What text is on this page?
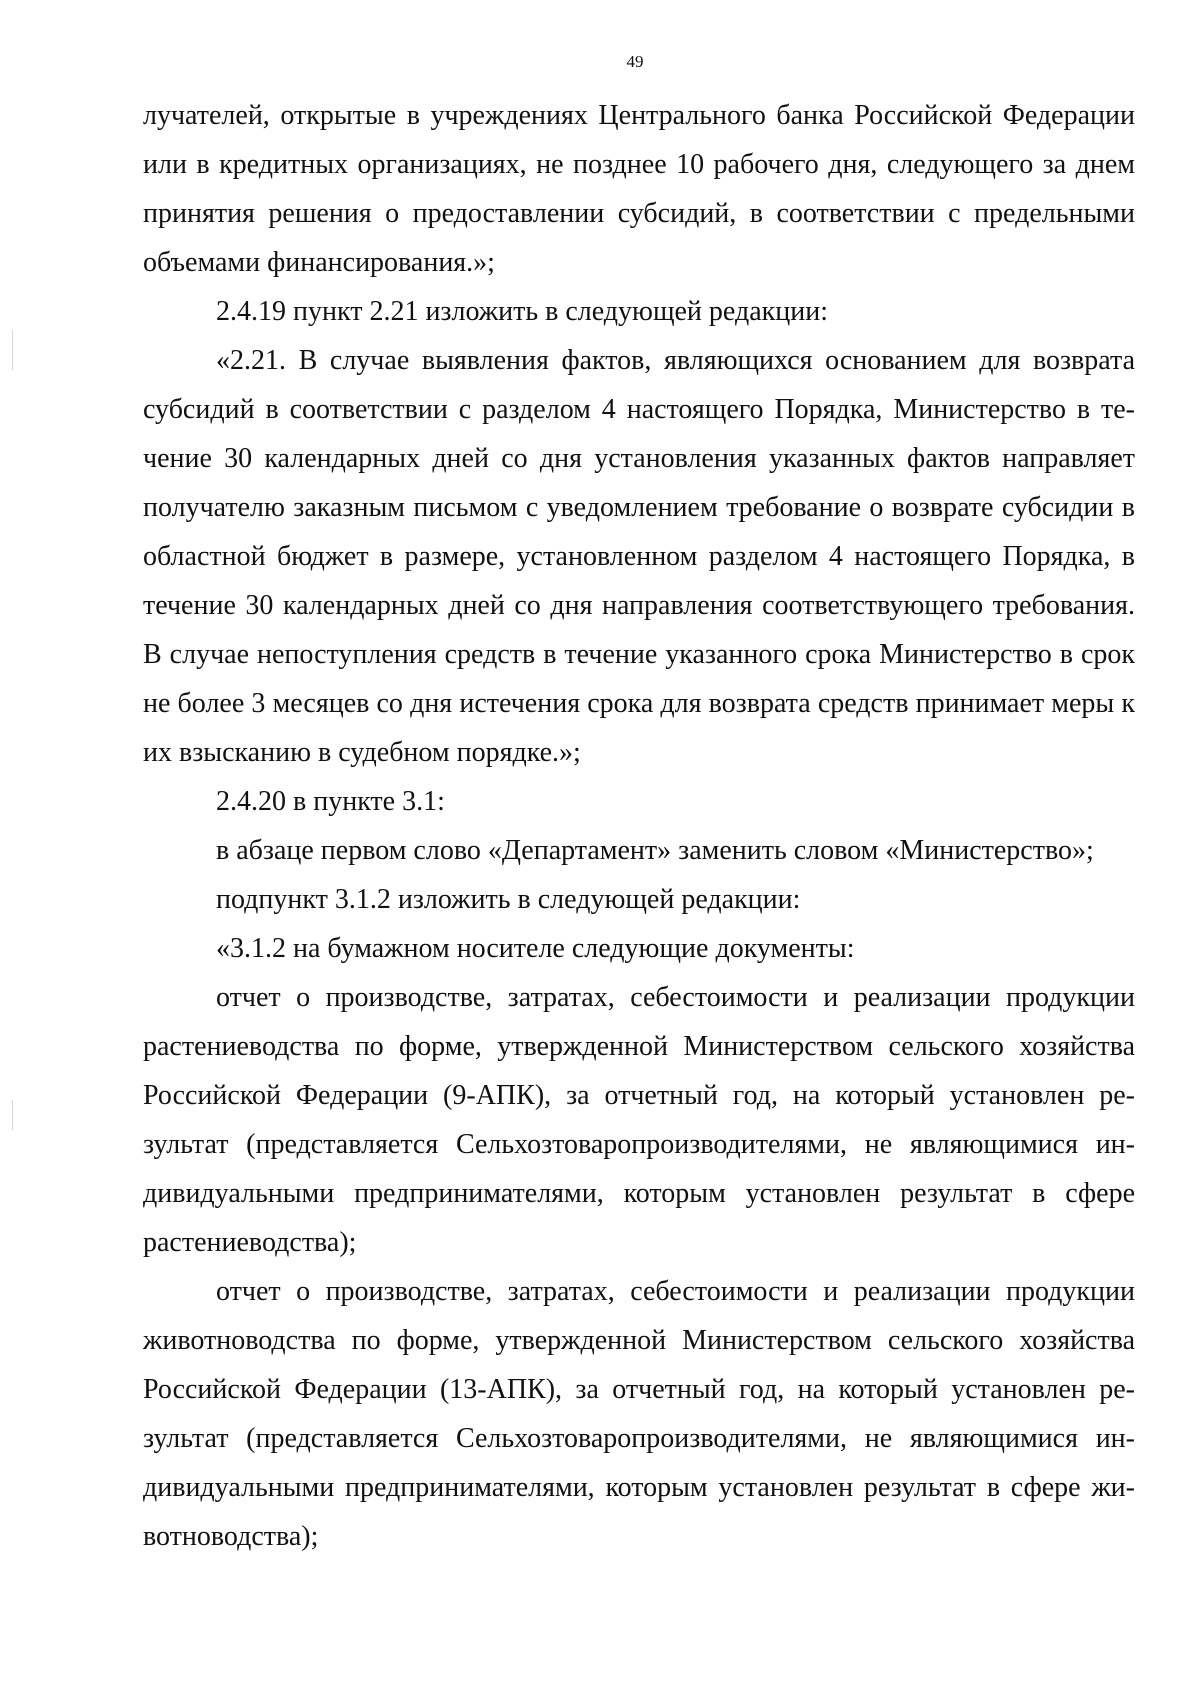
49

лучателей, открытые в учреждениях Центрального банка Российской Федерации или в кредитных организациях, не позднее 10 рабочего дня, следующего за днем принятия решения о предоставлении субсидий, в соответствии с предельными объемами финансирования.»;

2.4.19 пункт 2.21 изложить в следующей редакции:

«2.21. В случае выявления фактов, являющихся основанием для возврата субсидий в соответствии с разделом 4 настоящего Порядка, Министерство в течение 30 календарных дней со дня установления указанных фактов направляет получателю заказным письмом с уведомлением требование о возврате субсидии в областной бюджет в размере, установленном разделом 4 настоящего Порядка, в течение 30 календарных дней со дня направления соответствующего требования. В случае непоступления средств в течение указанного срока Министерство в срок не более 3 месяцев со дня истечения срока для возврата средств принимает меры к их взысканию в судебном порядке.»;

2.4.20 в пункте 3.1:

в абзаце первом слово «Департамент» заменить словом «Министерство»;

подпункт 3.1.2 изложить в следующей редакции:

«3.1.2 на бумажном носителе следующие документы:

отчет о производстве, затратах, себестоимости и реализации продукции растениеводства по форме, утвержденной Министерством сельского хозяйства Российской Федерации (9-АПК), за отчетный год, на который установлен результат (представляется Сельхозтоваропроизводителями, не являющимися индивидуальными предпринимателями, которым установлен результат в сфере растениеводства);

отчет о производстве, затратах, себестоимости и реализации продукции животноводства по форме, утвержденной Министерством сельского хозяйства Российской Федерации (13-АПК), за отчетный год, на который установлен результат (представляется Сельхозтоваропроизводителями, не являющимися индивидуальными предпринимателями, которым установлен результат в сфере животноводства);
